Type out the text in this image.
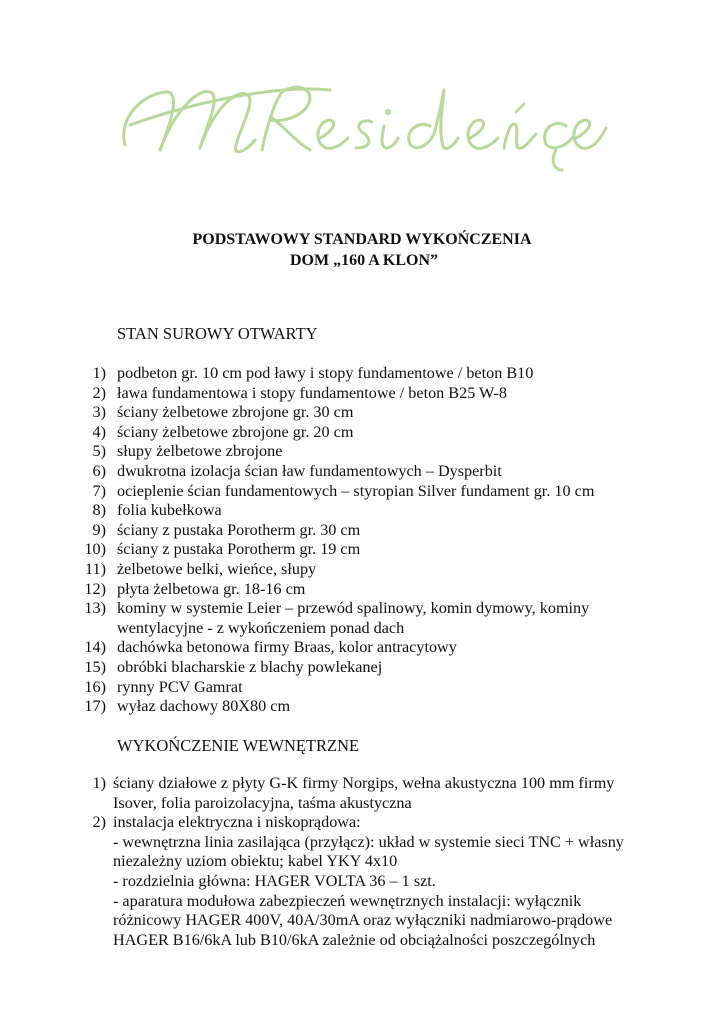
PODSTAWOWY STANDARD WYKOŃCZENIA
DOM „160 A KLON”
STAN SUROWY OTWARTY
1) podbeton gr. 10 cm pod ławy i stopy fundamentowe / beton B10
2) ława fundamentowa i stopy fundamentowe / beton B25 W-8
3) ściany żelbetowe zbrojone gr. 30 cm
4) ściany żelbetowe zbrojone gr. 20 cm
5) słupy żelbetowe zbrojone
6) dwukrotna izolacja ścian ław fundamentowych – Dysperbit
7) ocieplenie ścian fundamentowych – styropian Silver fundament gr. 10 cm
8) folia kubełkowa
9) ściany z pustaka Porotherm gr. 30 cm
10) ściany z pustaka Porotherm gr. 19 cm
11) żelbetowe belki, wieńce, słupy
12) płyta żelbetowa gr. 18-16 cm
13) kominy w systemie Leier – przewód spalinowy, komin dymowy, kominy wentylacyjne - z wykończeniem ponad dach
14) dachówka betonowa firmy Braas, kolor antracytowy
15) obróbki blacharskie z blachy powlekanej
16) rynny PCV Gamrat
17) wyłaz dachowy 80X80 cm
WYKOŃCZENIE WEWNĘTRZNE
1) ściany działowe z płyty G-K firmy Norgips, wełna akustyczna 100 mm firmy Isover, folia paroizolacyjna, taśma akustyczna
2) instalacja elektryczna i niskoprądowa:
- wewnętrzna linia zasilająca (przyłącz): układ w systemie sieci TNC + własny niezależny uziom obiektu; kabel YKY 4x10
- rozdzielnia główna: HAGER VOLTA 36 – 1 szt.
- aparatura modułowa zabezpieczeń wewnętrznych instalacji: wyłącznik różnicowy HAGER 400V, 40A/30mA oraz wyłączniki nadmiarowo-prądowe HAGER B16/6kA lub B10/6kA zależnie od obciążalności poszczególnych
